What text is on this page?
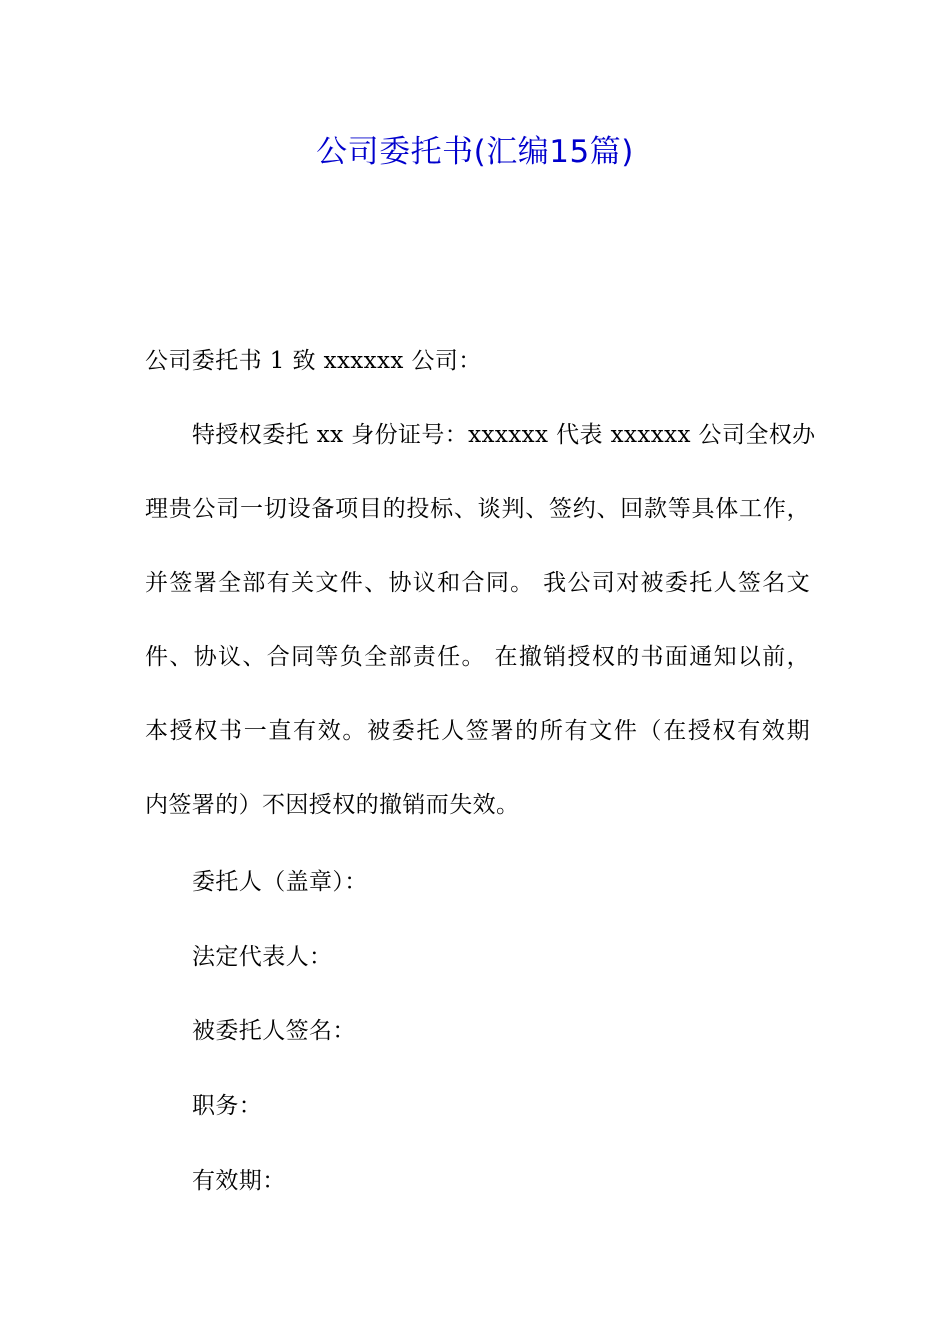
公司委托书(汇编15篇)
公司委托书 1 致 xxxxxx 公司：
特授权委托 xx 身份证号：xxxxxx 代表 xxxxxx 公司全权办
理贵公司一切设备项目的投标、谈判、签约、回款等具体工作，
并签署全部有关文件、协议和合同。 我公司对被委托人签名文
件、协议、合同等负全部责任。 在撤销授权的书面通知以前，
本授权书一直有效。被委托人签署的所有文件（在授权有效期
内签署的）不因授权的撤销而失效。
委托人（盖章）：
法定代表人：
被委托人签名：
职务：
有效期：
